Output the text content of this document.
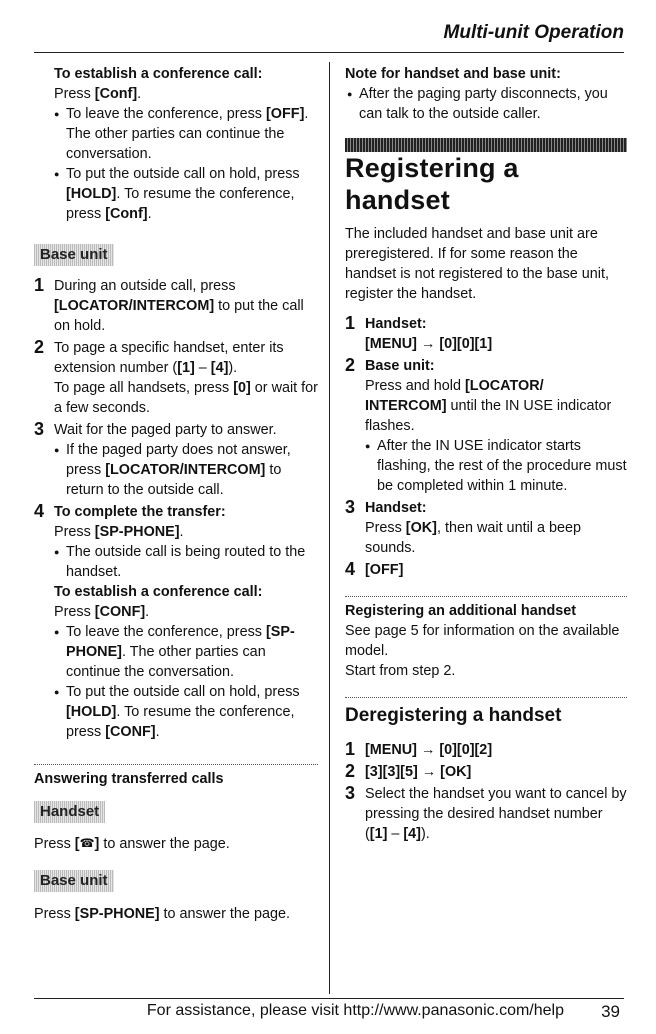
Multi-unit Operation
To establish a conference call:
Press [Conf].
● To leave the conference, press [OFF]. The other parties can continue the conversation.
● To put the outside call on hold, press [HOLD]. To resume the conference, press [Conf].
Base unit
1 During an outside call, press [LOCATOR/INTERCOM] to put the call on hold.
2 To page a specific handset, enter its extension number ([1] – [4]).
To page all handsets, press [0] or wait for a few seconds.
3 Wait for the paged party to answer.
● If the paged party does not answer, press [LOCATOR/INTERCOM] to return to the outside call.
4 To complete the transfer:
Press [SP-PHONE].
● The outside call is being routed to the handset.
To establish a conference call:
Press [CONF].
● To leave the conference, press [SP-PHONE]. The other parties can continue the conversation.
● To put the outside call on hold, press [HOLD]. To resume the conference, press [CONF].
Answering transferred calls
Handset
Press [☎] to answer the page.
Base unit
Press [SP-PHONE] to answer the page.
Note for handset and base unit:
● After the paging party disconnects, you can talk to the outside caller.
Registering a handset
The included handset and base unit are preregistered. If for some reason the handset is not registered to the base unit, register the handset.
1 Handset:
[MENU] → [0][0][1]
2 Base unit:
Press and hold [LOCATOR/ INTERCOM] until the IN USE indicator flashes.
● After the IN USE indicator starts flashing, the rest of the procedure must be completed within 1 minute.
3 Handset:
Press [OK], then wait until a beep sounds.
4 [OFF]
Registering an additional handset
See page 5 for information on the available model.
Start from step 2.
Deregistering a handset
1 [MENU] → [0][0][2]
2 [3][3][5] → [OK]
3 Select the handset you want to cancel by pressing the desired handset number ([1] – [4]).
For assistance, please visit http://www.panasonic.com/help 39
